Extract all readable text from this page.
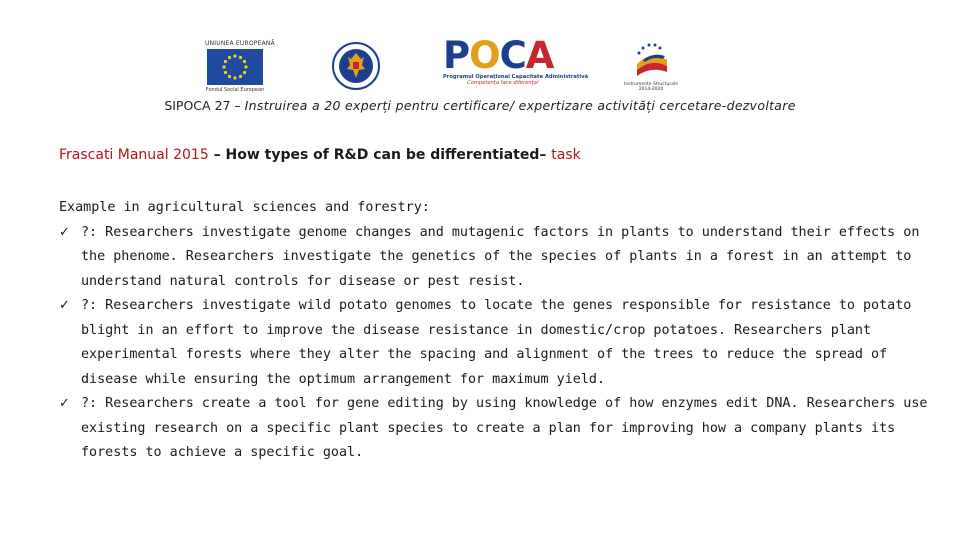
UNIUNEA EUROPEANĂ
Fondul Social European
POCA
Programul Operaţional Capacitate Administrativă
Competenţa face diferenţa!	Instrumente Structurale
2014-2020
SIPOCA 27 – Instruirea a 20 experți pentru certificare/ expertizare activități cercetare-dezvoltare
Frascati Manual 2015 – How types of R&D can be differentiated– task
Example in agricultural sciences and forestry:
✓ ?: Researchers investigate genome changes and mutagenic factors in plants to understand their effects on the phenome. Researchers investigate the genetics of the species of plants in a forest in an attempt to understand natural controls for disease or pest resist.
✓ ?: Researchers investigate wild potato genomes to locate the genes responsible for resistance to potato blight in an effort to improve the disease resistance in domestic/crop potatoes. Researchers plant experimental forests where they alter the spacing and alignment of the trees to reduce the spread of disease while ensuring the optimum arrangement for maximum yield.
✓ ?: Researchers create a tool for gene editing by using knowledge of how enzymes edit DNA. Researchers use existing research on a specific plant species to create a plan for improving how a company plants its forests to achieve a specific goal.
